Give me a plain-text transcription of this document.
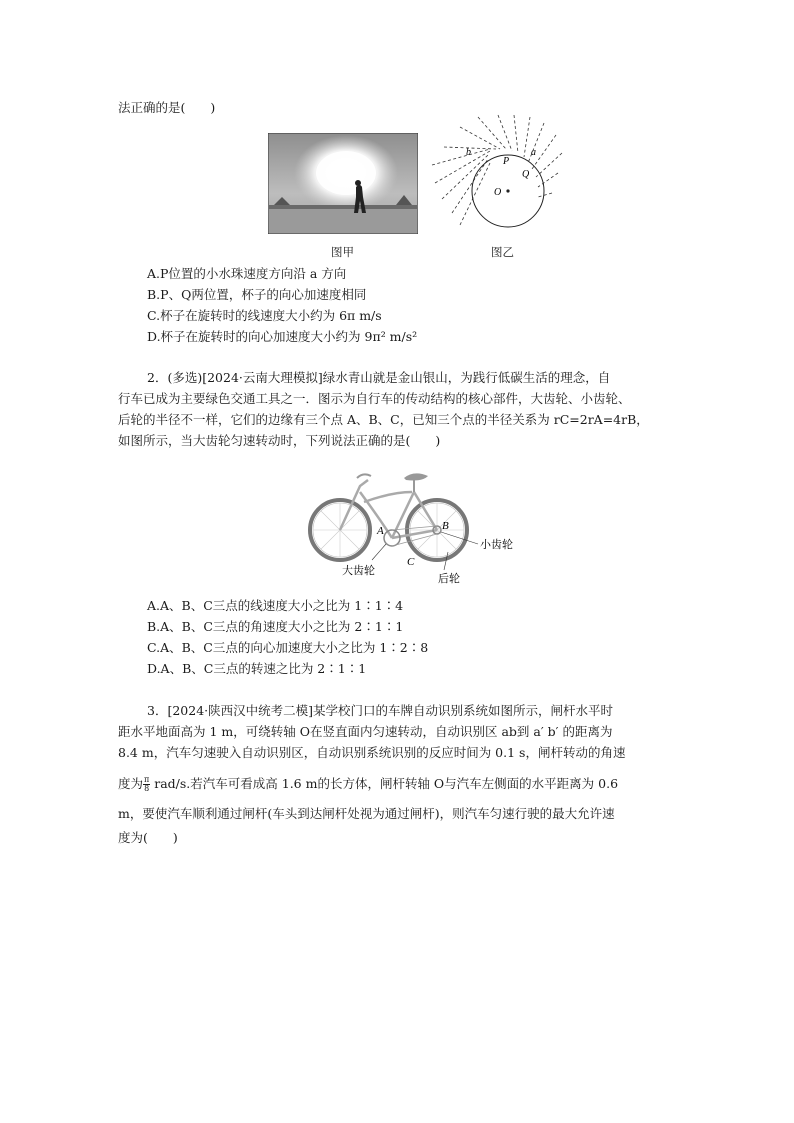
法正确的是(　　)
b
P
a
Q
O
图甲	图乙
A.P位置的小水珠速度方向沿 a 方向
B.P、Q两位置，杯子的向心加速度相同
C.杯子在旋转时的线速度大小约为 6π m/s
D.杯子在旋转时的向心加速度大小约为 9π² m/s²
2．(多选)[2024·云南大理模拟]绿水青山就是金山银山，为践行低碳生活的理念，自
行车已成为主要绿色交通工具之一．图示为自行车的传动结构的核心部件，大齿轮、小齿轮、
后轮的半径不一样，它们的边缘有三个点 A、B、C，已知三个点的半径关系为 rC=2rA=4rB，
如图所示，当大齿轮匀速转动时，下列说法正确的是(　　)
A	B
C
小齿轮
大齿轮
后轮
A.A、B、C三点的线速度大小之比为 1∶1∶4
B.A、B、C三点的角速度大小之比为 2∶1∶1
C.A、B、C三点的向心加速度大小之比为 1∶2∶8
D.A、B、C三点的转速之比为 2∶1∶1
3．[2024·陕西汉中统考二模]某学校门口的车牌自动识别系统如图所示，闸杆水平时
距水平地面高为 1 m，可绕转轴 O在竖直面内匀速转动，自动识别区 ab到 a′ b′ 的距离为
8.4 m，汽车匀速驶入自动识别区，自动识别系统识别的反应时间为 0.1 s，闸杆转动的角速
度为 $\frac{\pi}{8} rad/s$.若汽车可看成高 1.6 m的长方体，闸杆转轴 O与汽车左侧面的水平距离为 0.6
m，要使汽车顺利通过闸杆(车头到达闸杆处视为通过闸杆)，则汽车匀速行驶的最大允许速
度为(　　)
